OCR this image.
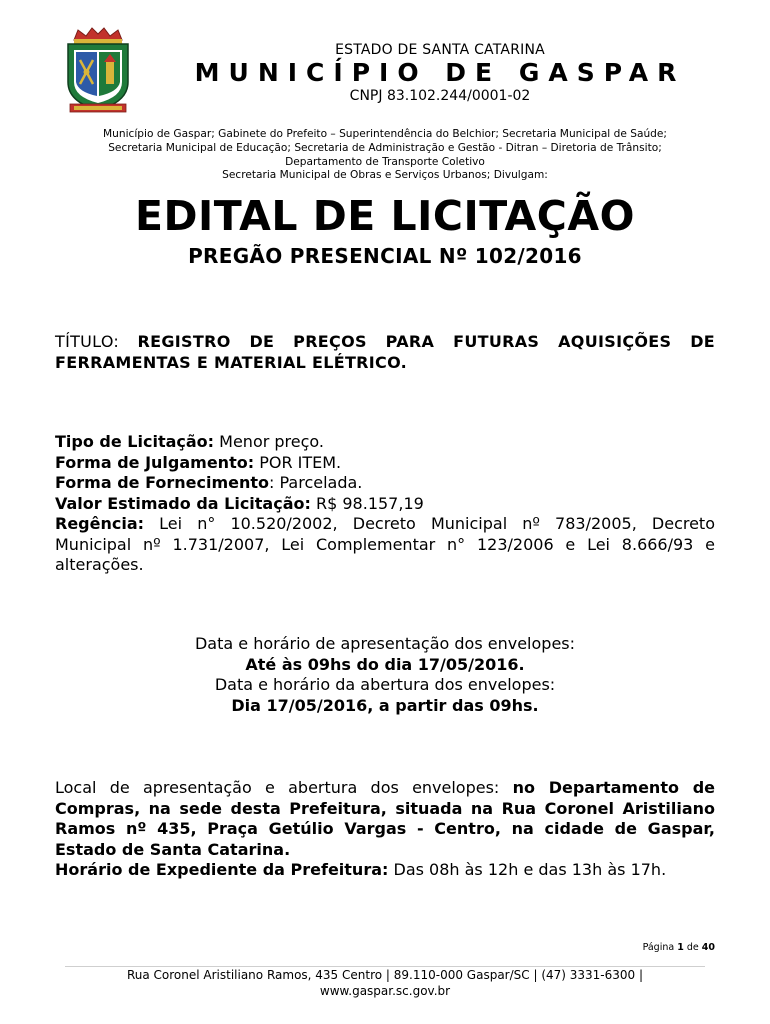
ESTADO DE SANTA CATARINA
MUNICÍPIO DE GASPAR
CNPJ 83.102.244/0001-02
Município de Gaspar; Gabinete do Prefeito – Superintendência do Belchior; Secretaria Municipal de Saúde;
Secretaria Municipal de Educação; Secretaria de Administração e Gestão - Ditran – Diretoria de Trânsito;
Departamento de Transporte Coletivo
Secretaria Municipal de Obras e Serviços Urbanos; Divulgam:
EDITAL DE LICITAÇÃO
PREGÃO PRESENCIAL Nº 102/2016
TÍTULO: REGISTRO DE PREÇOS PARA FUTURAS AQUISIÇÕES DE FERRAMENTAS E MATERIAL ELÉTRICO.
Tipo de Licitação: Menor preço.
Forma de Julgamento: POR ITEM.
Forma de Fornecimento: Parcelada.
Valor Estimado da Licitação: R$ 98.157,19
Regência: Lei n° 10.520/2002, Decreto Municipal nº 783/2005, Decreto Municipal nº 1.731/2007, Lei Complementar n° 123/2006 e Lei 8.666/93 e alterações.
Data e horário de apresentação dos envelopes:
Até às 09hs do dia 17/05/2016.
Data e horário da abertura dos envelopes:
Dia 17/05/2016, a partir das 09hs.
Local de apresentação e abertura dos envelopes: no Departamento de Compras, na sede desta Prefeitura, situada na Rua Coronel Aristiliano Ramos nº 435, Praça Getúlio Vargas - Centro, na cidade de Gaspar, Estado de Santa Catarina.
Horário de Expediente da Prefeitura: Das 08h às 12h e das 13h às 17h.
Página 1 de 40
Rua Coronel Aristiliano Ramos, 435 Centro | 89.110-000 Gaspar/SC | (47) 3331-6300 |
www.gaspar.sc.gov.br
